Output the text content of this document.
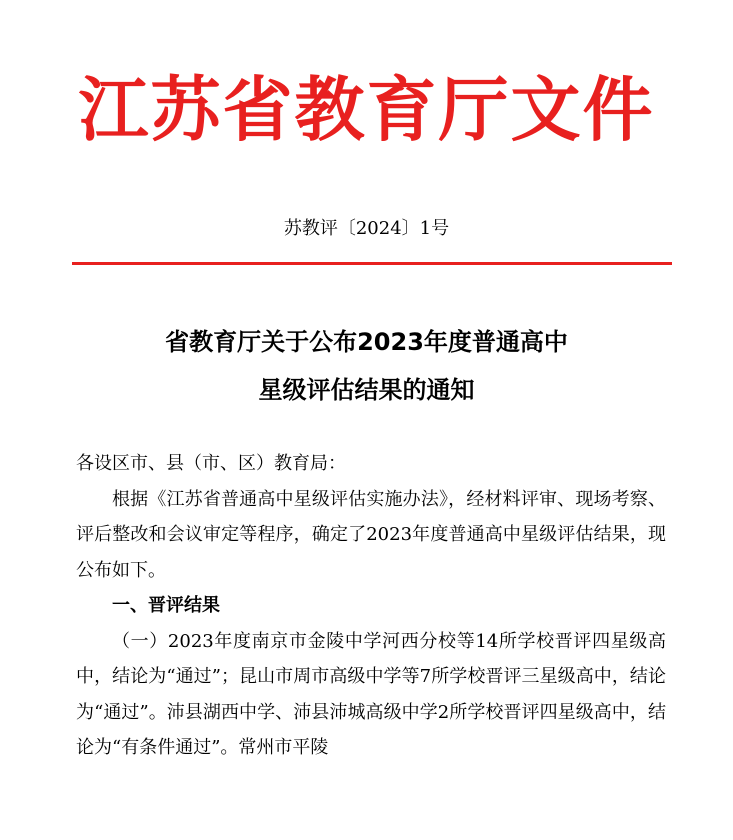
江苏省教育厅文件
苏教评〔2024〕1号
省教育厅关于公布2023年度普通高中
星级评估结果的通知

各设区市、县（市、区）教育局：

根据《江苏省普通高中星级评估实施办法》，经材料评审、现场考察、评后整改和会议审定等程序，确定了2023年度普通高中星级评估结果，现公布如下。

一、晋评结果

（一）2023年度南京市金陵中学河西分校等14所学校晋评四星级高中，结论为“通过”；昆山市周市高级中学等7所学校晋评三星级高中，结论为“通过”。沛县湖西中学、沛县沛城高级中学2所学校晋评四星级高中，结论为“有条件通过”。常州市平陵
